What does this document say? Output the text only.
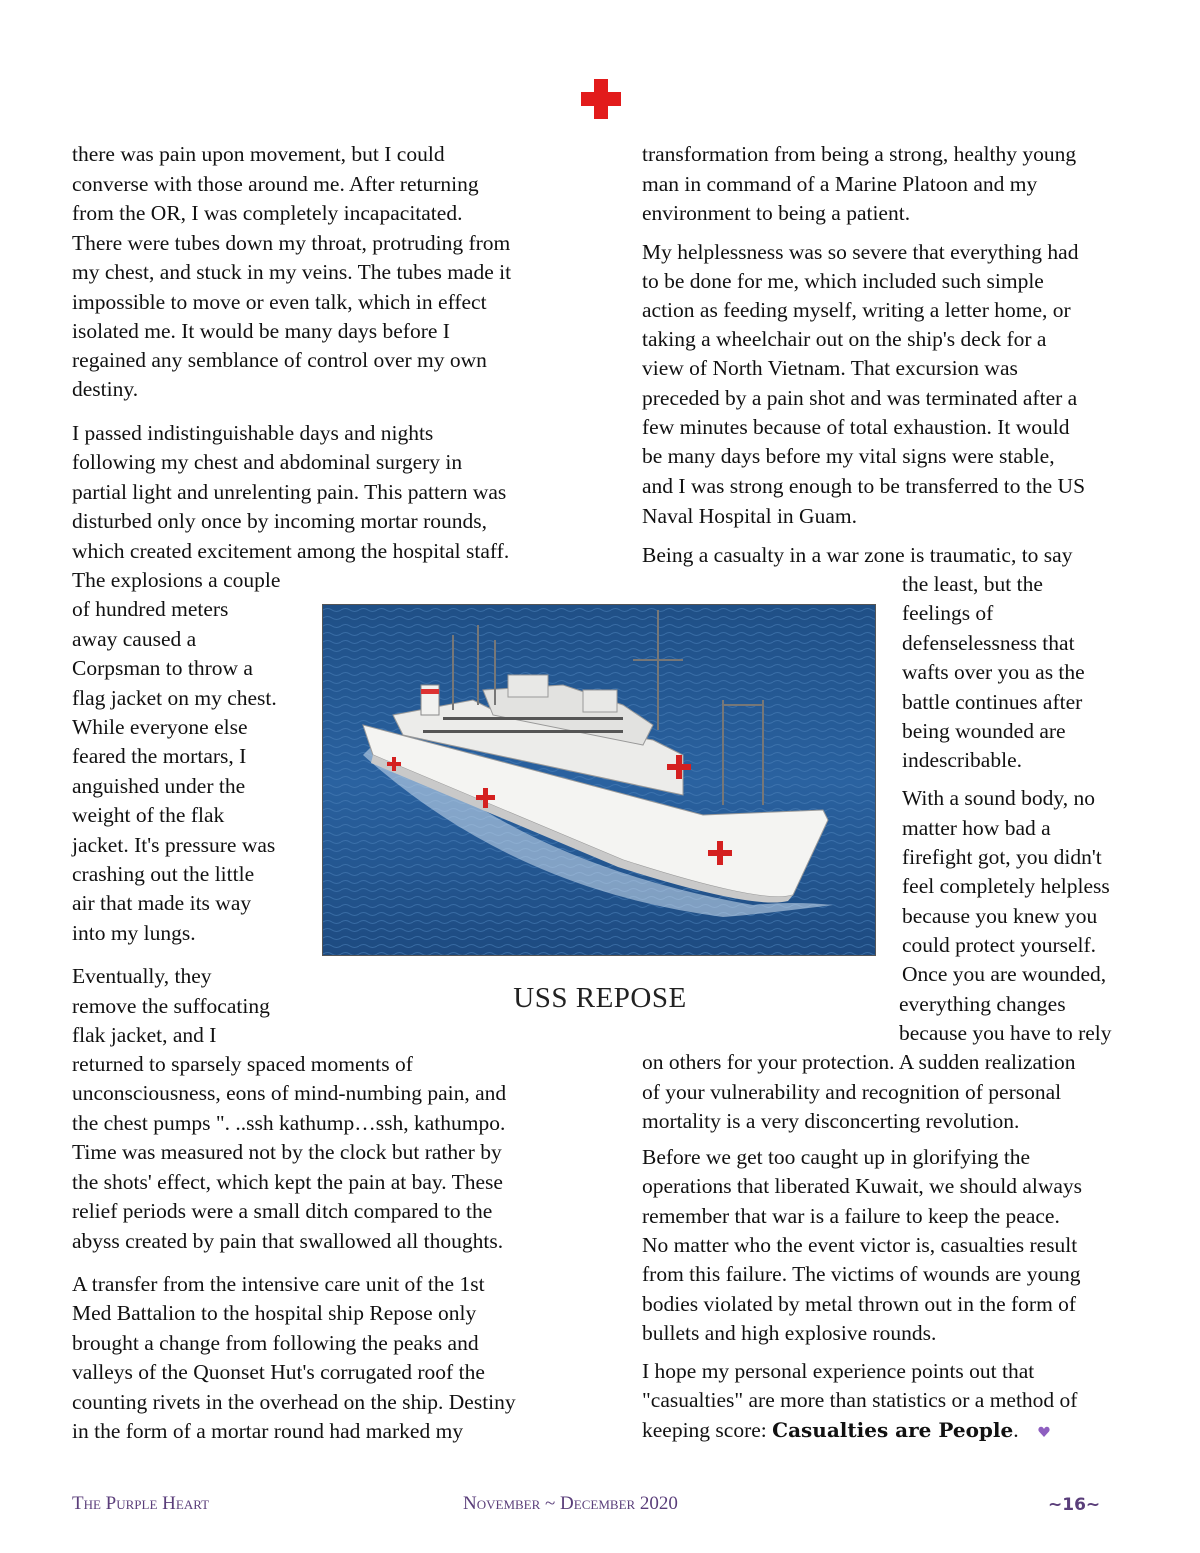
there was pain upon movement, but I could
converse with those around me. After returning
from the OR, I was completely incapacitated.
There were tubes down my throat, protruding from
my chest, and stuck in my veins. The tubes made it
impossible to move or even talk, which in effect
isolated me. It would be many days before I
regained any semblance of control over my own
destiny.
I passed indistinguishable days and nights
following my chest and abdominal surgery in
partial light and unrelenting pain. This pattern was
disturbed only once by incoming mortar rounds,
which created excitement among the hospital staff.
The explosions a couple
of hundred meters
away caused a
Corpsman to throw a
flag jacket on my chest.
While everyone else
feared the mortars, I
anguished under the
weight of the flak
jacket. It's pressure was
crashing out the little
air that made its way
into my lungs.
Eventually, they
remove the suffocating
flak jacket, and I
returned to sparsely spaced moments of
unconsciousness, eons of mind-numbing pain, and
the chest pumps ". ..ssh kathump…ssh, kathumpo.
Time was measured not by the clock but rather by
the shots' effect, which kept the pain at bay. These
relief periods were a small ditch compared to the
abyss created by pain that swallowed all thoughts.
A transfer from the intensive care unit of the 1st
Med Battalion to the hospital ship Repose only
brought a change from following the peaks and
valleys of the Quonset Hut's corrugated roof the
counting rivets in the overhead on the ship. Destiny
in the form of a mortar round had marked my
transformation from being a strong, healthy young
man in command of a Marine Platoon and my
environment to being a patient.
My helplessness was so severe that everything had
to be done for me, which included such simple
action as feeding myself, writing a letter home, or
taking a wheelchair out on the ship's deck for a
view of North Vietnam. That excursion was
preceded by a pain shot and was terminated after a
few minutes because of total exhaustion. It would
be many days before my vital signs were stable,
and I was strong enough to be transferred to the US
Naval Hospital in Guam.
Being a casualty in a war zone is traumatic, to say
the least, but the
feelings of
defenselessness that
wafts over you as the
battle continues after
being wounded are
indescribable.
With a sound body, no
matter how bad a
firefight got, you didn't
feel completely helpless
because you knew you
could protect yourself.
Once you are wounded,
everything changes
because you have to rely
on others for your protection. A sudden realization
of your vulnerability and recognition of personal
mortality is a very disconcerting revolution.
Before we get too caught up in glorifying the
operations that liberated Kuwait, we should always
remember that war is a failure to keep the peace.
No matter who the event victor is, casualties result
from this failure. The victims of wounds are young
bodies violated by metal thrown out in the form of
bullets and high explosive rounds.
I hope my personal experience points out that
"casualties" are more than statistics or a method of
keeping score: Casualties are People.
USS REPOSE
The Purple Heart	November ~ December 2020	~16~
